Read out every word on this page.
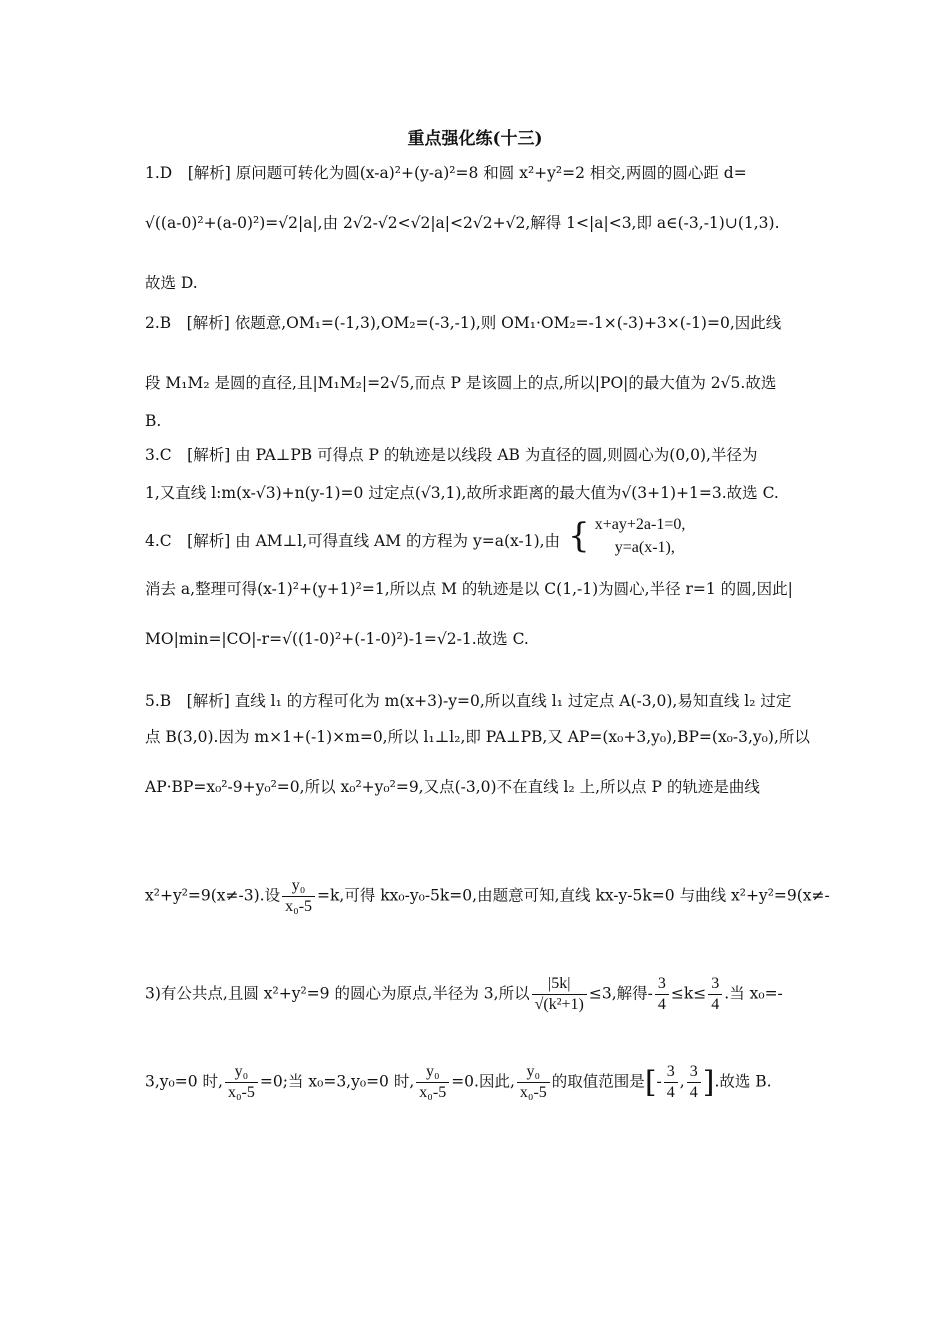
重点强化练(十三)
1.D　[解析] 原问题可转化为圆(x-a)²+(y-a)²=8 和圆 x²+y²=2 相交,两圆的圆心距 d=
√((a-0)²+(a-0)²)=√2|a|,由 2√2-√2<√2|a|<2√2+√2,解得 1<|a|<3,即 a∈(-3,-1)∪(1,3).
故选 D.
2.B　[解析] 依题意,OM₁=(-1,3),OM₂=(-3,-1),则 OM₁·OM₂=-1×(-3)+3×(-1)=0,因此线
段 M₁M₂ 是圆的直径,且|M₁M₂|=2√5,而点 P 是该圆上的点,所以|PO|的最大值为 2√5.故选
B.
3.C　[解析] 由 PA⊥PB 可得点 P 的轨迹是以线段 AB 为直径的圆,则圆心为(0,0),半径为
1,又直线 l:m(x-√3)+n(y-1)=0 过定点(√3,1),故所求距离的最大值为√(3+1)+1=3.故选 C.
4.C　[解析] 由 AM⊥l,可得直线 AM 的方程为 y=a(x-1),由 { x+ay+2a-1=0,
y=a(x-1),
消去 a,整理可得(x-1)²+(y+1)²=1,所以点 M 的轨迹是以 C(1,-1)为圆心,半径 r=1 的圆,因此|
MO|min=|CO|-r=√((1-0)²+(-1-0)²)-1=√2-1.故选 C.
5.B　[解析] 直线 l₁ 的方程可化为 m(x+3)-y=0,所以直线 l₁ 过定点 A(-3,0),易知直线 l₂ 过定
点 B(3,0).因为 m×1+(-1)×m=0,所以 l₁⊥l₂,即 PA⊥PB,又 AP=(x₀+3,y₀),BP=(x₀-3,y₀),所以
AP·BP=x₀²-9+y₀²=0,所以 x₀²+y₀²=9,又点(-3,0)不在直线 l₂ 上,所以点 P 的轨迹是曲线
x²+y²=9(x≠-3).设 $\frac{\text{y₀}}{\text{x₀-5}} =k$,可得 kx₀-y₀-5k=0,由题意可知,直线 kx-y-5k=0 与曲线 x²+y²=9(x≠-
3)有公共点,且圆 x²+y²=9 的圆心为原点,半径为 3,所以 $\frac{|5k|}{\text{√(k²+1)}} \le 3$,解得- $\frac{3}{4} \le k\le \frac{3}{4}$ .当 x₀=-
3,y₀=0 时, $\frac{\text{y₀}}{\text{x₀-5}} =0$;当 x₀=3,y₀=0 时, $\frac{\text{y₀}}{\text{x₀-5}} =0$.因此, $\frac{\text{y₀}}{\text{x₀-5}}$ 的取值范围是[- $\frac{3}{4}$ , $\frac{3}{4}$ ].故选 B.
